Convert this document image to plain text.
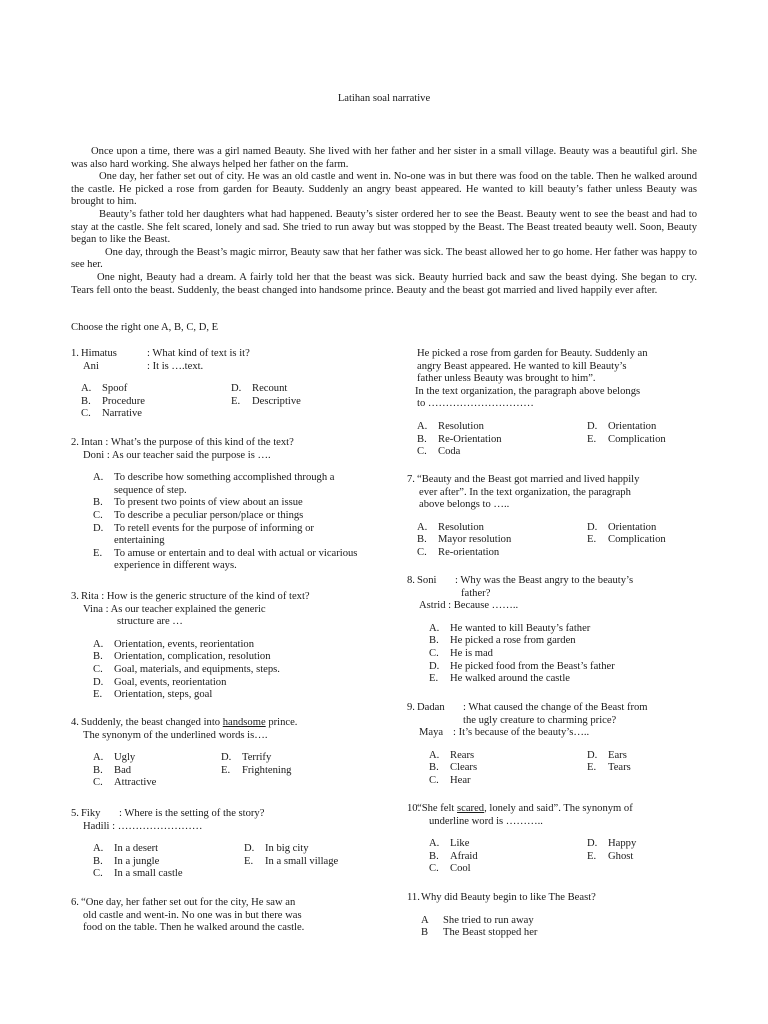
Latihan soal narrative

Once upon a time, there was a girl named Beauty. She lived with her father and her sister in a small village. Beauty was a beautiful girl. She was also hard working. She always helped her father on the farm.

One day, her father set out of city. He was an old castle and went in. No-one was in but there was food on the table. Then he walked around the castle. He picked a rose from garden for Beauty. Suddenly an angry beast appeared. He wanted to kill beauty’s father unless Beauty was brought to him.

Beauty’s father told her daughters what had happened. Beauty’s sister ordered her to see the Beast. Beauty went to see the beast and had to stay at the castle. She felt scared, lonely and sad. She tried to run away but was stopped by the Beast. The Beast treated beauty well. Soon, Beauty began to like the Beast.

One day, through the Beast’s magic mirror, Beauty saw that her father was sick. The beast allowed her to go home. Her father was happy to see her.

One night, Beauty had a dream. A fairly told her that the beast was sick. Beauty hurried back and saw the beast dying. She began to cry. Tears fell onto the beast. Suddenly, the beast changed into handsome prince. Beauty and the beast got married and lived happily ever after.

Choose the right one A, B, C, D, E
1. Himatus	: What kind of text is it?
Ani	: It is ….text.
A.	Spoof	D.	Recount
B.	Procedure	E.	Descriptive
C.	Narrative
2. Intan : What’s the purpose of this kind of the text?
Doni : As our teacher said the purpose is ….
A.	To describe how something accomplished through a sequence of step.
B.	To present two points of view about an issue
C.	To describe a peculiar person/place or things
D.	To retell events for the purpose of informing or entertaining
E.	To amuse or entertain and to deal with actual or vicarious experience in different ways.
3. Rita : How is the generic structure of the kind of text?
Vina : As our teacher explained the generic
structure are …
A.	Orientation, events, reorientation
B.	Orientation, complication, resolution
C.	Goal, materials, and equipments, steps.
D.	Goal, events, reorientation
E.	Orientation, steps, goal
4. Suddenly, the beast changed into handsome prince.
The synonym of the underlined words is….
A.	Ugly	D.	Terrify
B.	Bad	E.	Frightening
C.	Attractive
5. Fiky : Where is the setting of the story?
Hadili : ……………………
A.	In a desert	D.	In big city
B.	In a jungle	E.	In a small village
C.	In a small castle
6. “One day, her father set out for the city, He saw an
old castle and went-in. No one was in but there was
food on the table. Then he walked around the castle.
He picked a rose from garden for Beauty. Suddenly an
angry Beast appeared. He wanted to kill Beauty’s
father unless Beauty was brought to him”.
In the text organization, the paragraph above belongs
to …………………………
A.	Resolution	D.	Orientation
B.	Re-Orientation	E.	Complication
C.	Coda
7. “Beauty and the Beast got married and lived happily
ever after”. In the text organization, the paragraph
above belongs to …..
A.	Resolution	D.	Orientation
B.	Mayor resolution	E.	Complication
C.	Re-orientation
8. Soni : Why was the Beast angry to the beauty’s
father?
Astrid : Because ……..
A.	He wanted to kill Beauty’s father
B.	He picked a rose from garden
C.	He is mad
D.	He picked food from the Beast’s father
E.	He walked around the castle
9. Dadan : What caused the change of the Beast from
the ugly creature to charming price?
Maya : It’s because of the beauty’s…..
A.	Rears	D.	Ears
B.	Clears	E.	Tears
C.	Hear
10.“She felt scared, lonely and said”. The synonym of
underline word is ………..
A.	Like	D.	Happy
B.	Afraid	E.	Ghost
C.	Cool
11.Why did Beauty begin to like The Beast?
A	She tried to run away
B	The Beast stopped her
